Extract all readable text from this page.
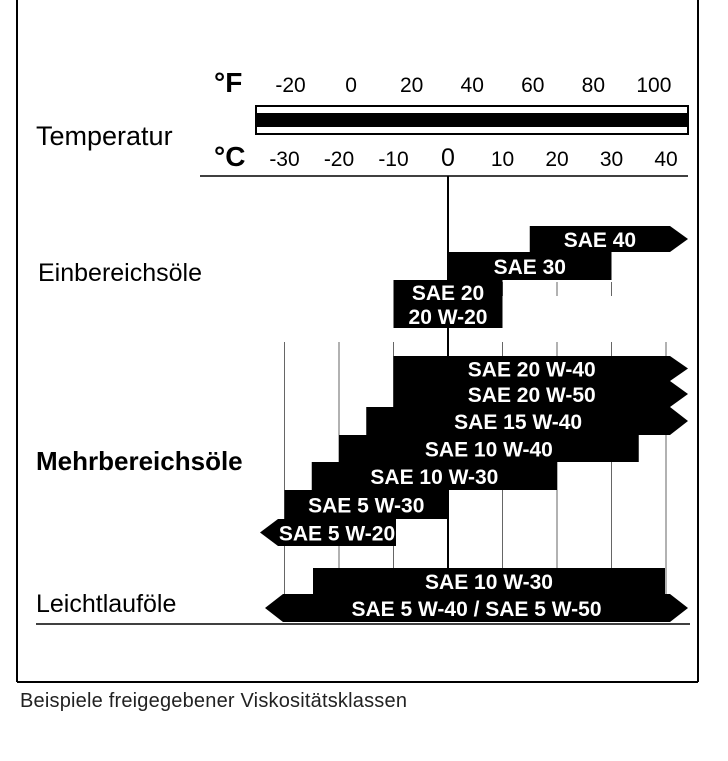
Temperatur
°F
°C
-20 0 20 40 60 80 100
-30 -20 -10 0 10 20 30 40
Einbereichsöle
Mehrbereichsöle
Leichtlauföle
SAE 40
SAE 30
SAE 20
20 W-20
SAE 20 W-40
SAE 20 W-50
SAE 15 W-40
SAE 10 W-40
SAE 10 W-30
SAE 5 W-30
SAE 5 W-20
SAE 10 W-30
SAE 5 W-40 / SAE 5 W-50
Beispiele freigegebener Viskositätsklassen
